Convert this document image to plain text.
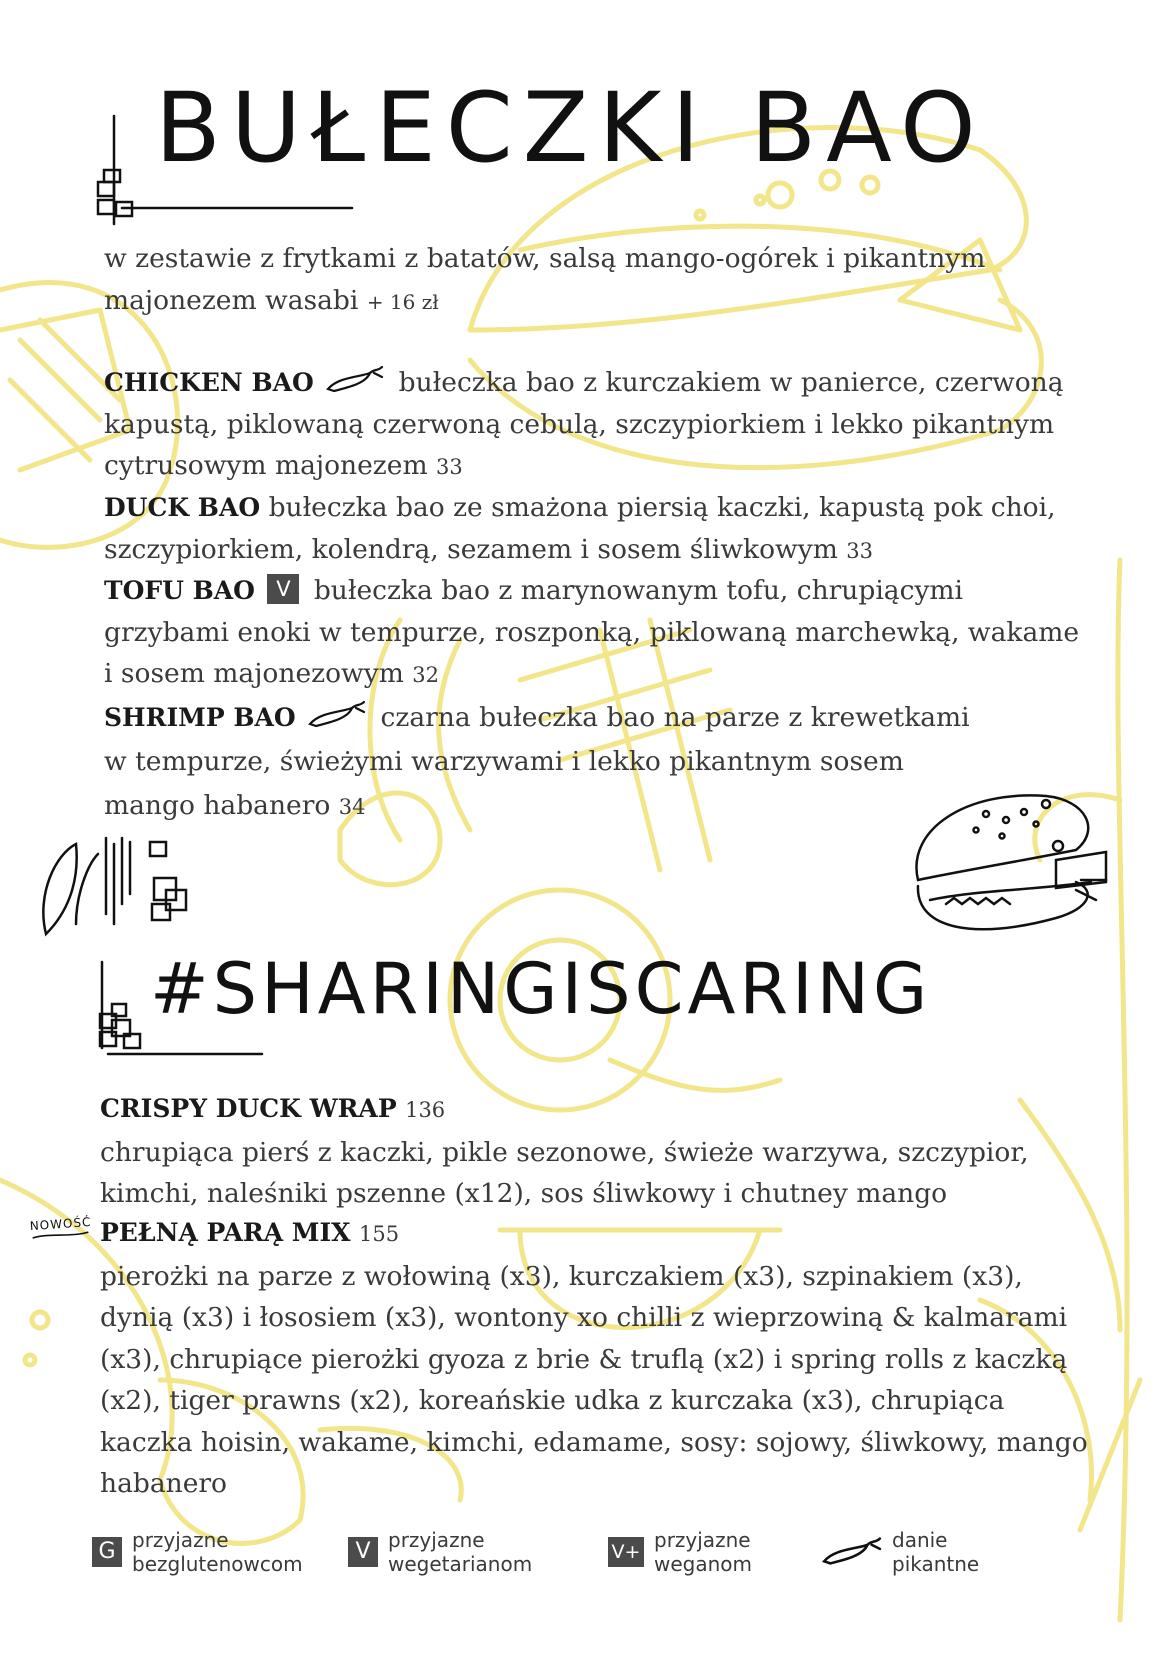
BUŁECZKI BAO

w zestawie z frytkami z batatów, salsą mango-ogórek i pikantnym majonezem wasabi + 16 zł

CHICKEN BAO	bułeczka bao z kurczakiem w panierce, czerwoną kapustą, piklowaną czerwoną cebulą, szczypiorkiem i lekko pikantnym cytrusowym majonezem 33

DUCK BAO bułeczka bao ze smażona piersią kaczki, kapustą pok choi, szczypiorkiem, kolendrą, sezamem i sosem śliwkowym 33

TOFU BAO V bułeczka bao z marynowanym tofu, chrupiącymi grzybami enoki w tempurze, roszponką, piklowaną marchewką, wakame i sosem majonezowym 32

SHRIMP BAO	czarna bułeczka bao na parze z krewetkami
w tempurze, świeżymi warzywami i lekko pikantnym sosem
mango habanero 34

#SHARINGISCARING

CRISPY DUCK WRAP 136
chrupiąca pierś z kaczki, pikle sezonowe, świeże warzywa, szczypior, kimchi, naleśniki pszenne (x12), sos śliwkowy i chutney mango

NOWOŚĆ PEŁNĄ PARĄ MIX 155
pierożki na parze z wołowiną (x3), kurczakiem (x3), szpinakiem (x3), dynią (x3) i łososiem (x3), wontony xo chilli z wieprzowiną & kalmarami (x3), chrupiące pierożki gyoza z brie & truflą (x2) i spring rolls z kaczką (x2), tiger prawns (x2), koreańskie udka z kurczaka (x3), chrupiąca kaczka hoisin, wakame, kimchi, edamame, sosy: sojowy, śliwkowy, mango habanero

G przyjazne bezglutenowcom	V przyjazne wegetarianom	V+ przyjazne weganom
danie pikantne
